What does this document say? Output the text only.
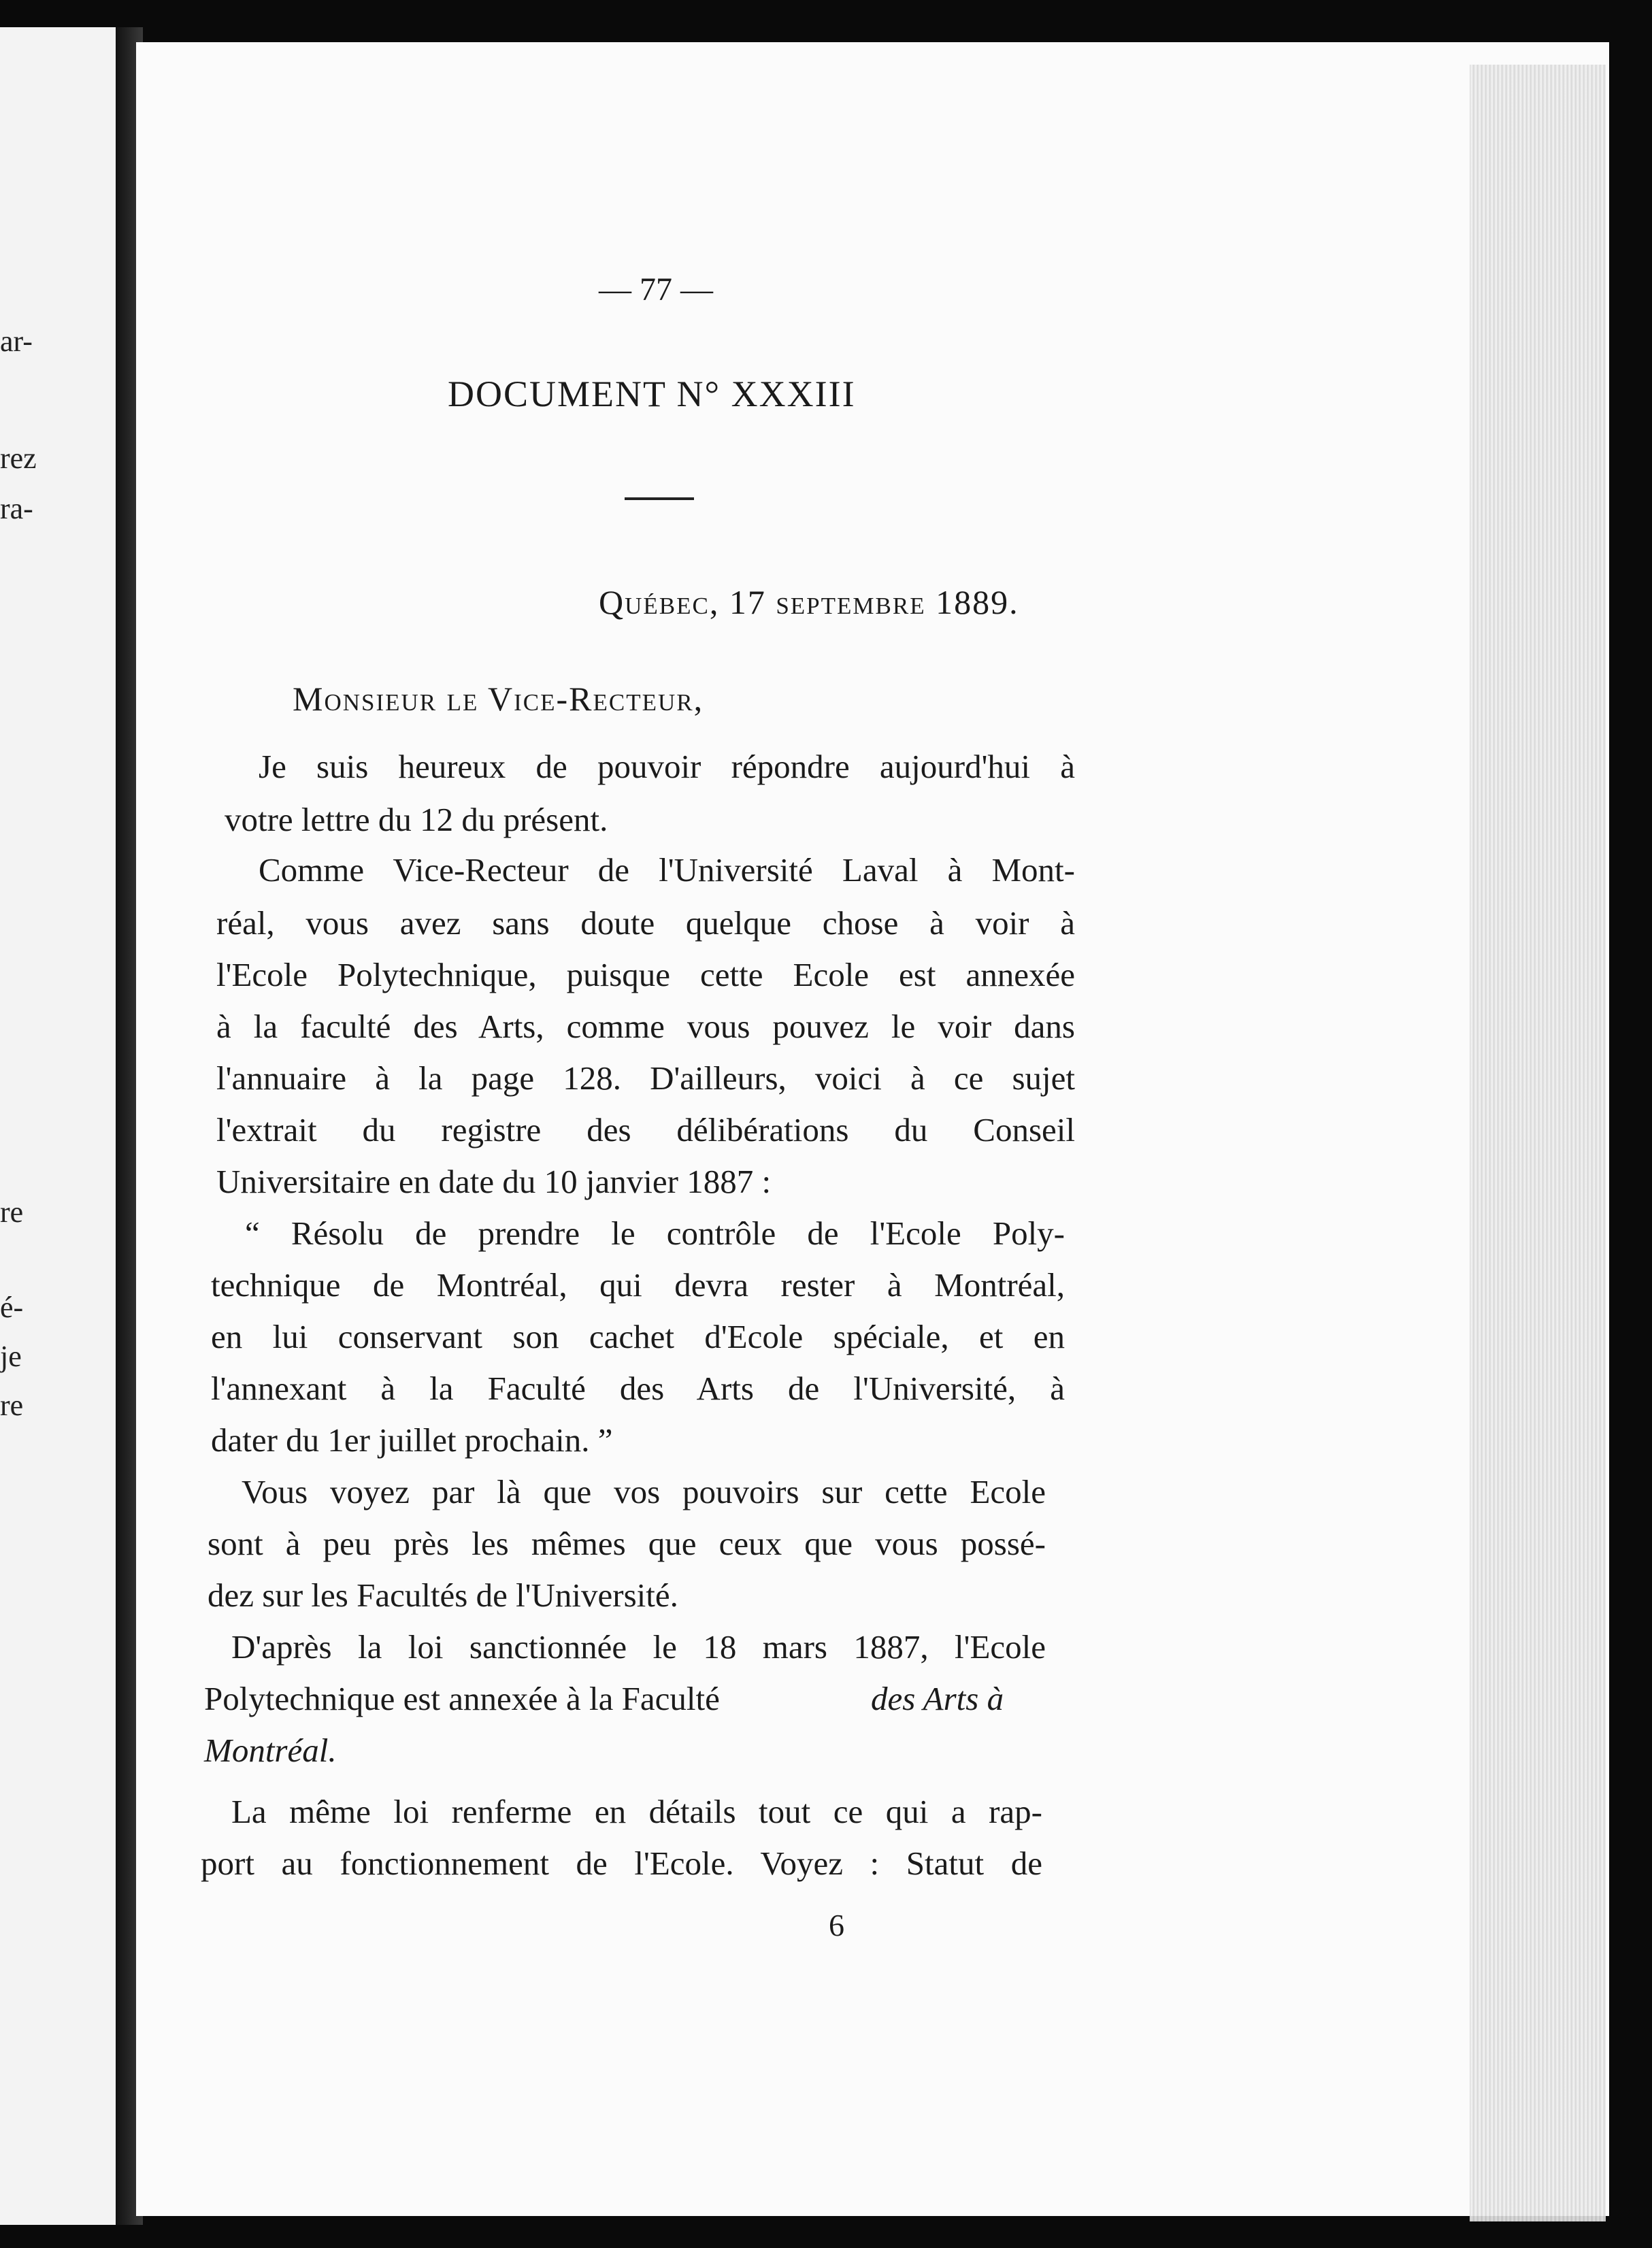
ar-
rez
ra-
re
é-
je
re
— 77 —
DOCUMENT N° XXXIII
Québec, 17 septembre 1889.
Monsieur le Vice-Recteur,
Je suis heureux de pouvoir répondre aujourd'hui à
votre lettre du 12 du présent.
Comme Vice-Recteur de l'Université Laval à Mont-
réal, vous avez sans doute quelque chose à voir à
l'Ecole Polytechnique, puisque cette Ecole est annexée
à la faculté des Arts, comme vous pouvez le voir dans
l'annuaire à la page 128. D'ailleurs, voici à ce sujet
l'extrait du registre des délibérations du Conseil
Universitaire en date du 10 janvier 1887 :
“ Résolu de prendre le contrôle de l'Ecole Poly-
technique de Montréal, qui devra rester à Montréal,
en lui conservant son cachet d'Ecole spéciale, et en
l'annexant à la Faculté des Arts de l'Université, à
dater du 1er juillet prochain. ”
Vous voyez par là que vos pouvoirs sur cette Ecole
sont à peu près les mêmes que ceux que vous possé-
dez sur les Facultés de l'Université.
D'après la loi sanctionnée le 18 mars 1887, l'Ecole
Polytechnique est annexée à la Faculté	des Arts à
Montréal.
La même loi renferme en détails tout ce qui a rap-
port au fonctionnement de l'Ecole. Voyez : Statut de
6
